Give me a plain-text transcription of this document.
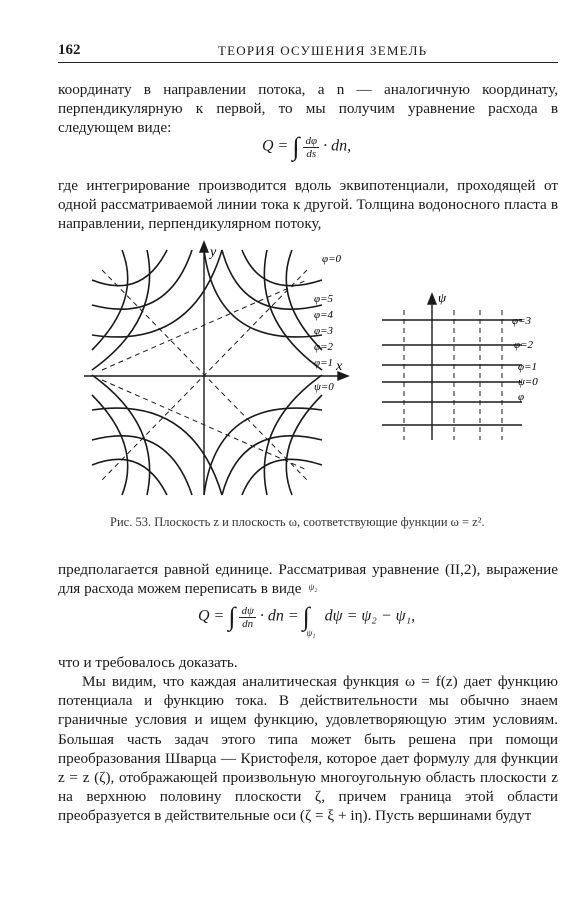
162	ТЕОРИЯ ОСУШЕНИЯ ЗЕМЕЛЬ

координату в направлении потока, а n — аналогичную координату, перпендикулярную к первой, то мы получим уравнение расхода в следующем виде:

Q = ∫ $\frac{d\varphi}{ds}$ · dn,

где интегрирование производится вдоль эквипотенциали, проходящей от одной рассматриваемой линии тока к другой. Толщина водоносного пласта в направлении, перпендикулярном потоку,

y
x
φ=0
φ=5
φ=4
φ=3
φ=2
φ=1
ψ=0
ψ
φ=3
φ=2
φ=1
ψ=0
φ
Рис. 53. Плоскость z и плоскость ω, соответствующие функции ω = z².

предполагается равной единице. Рассматривая уравнение (II,2), выражение для расхода можем переписать в виде

Q = ∫ $\frac{d\psi}{dn}$ · dn =
ψ₂
∫
ψ₁
dψ = ψ₂ − ψ₁,

что и требовалось доказать.

Мы видим, что каждая аналитическая функция ω = f(z) дает функцию потенциала и функцию тока. В действительности мы обычно знаем граничные условия и ищем функцию, удовлетворяющую этим условиям. Большая часть задач этого типа может быть решена при помощи преобразования Шварца — Кристофеля, которое дает формулу для функции z = z (ζ), отображающей произвольную многоугольную область плоскости z на верхнюю половину плоскости ζ, причем граница этой области преобразуется в действительные оси (ζ = ξ + iη). Пусть вершинами будут
